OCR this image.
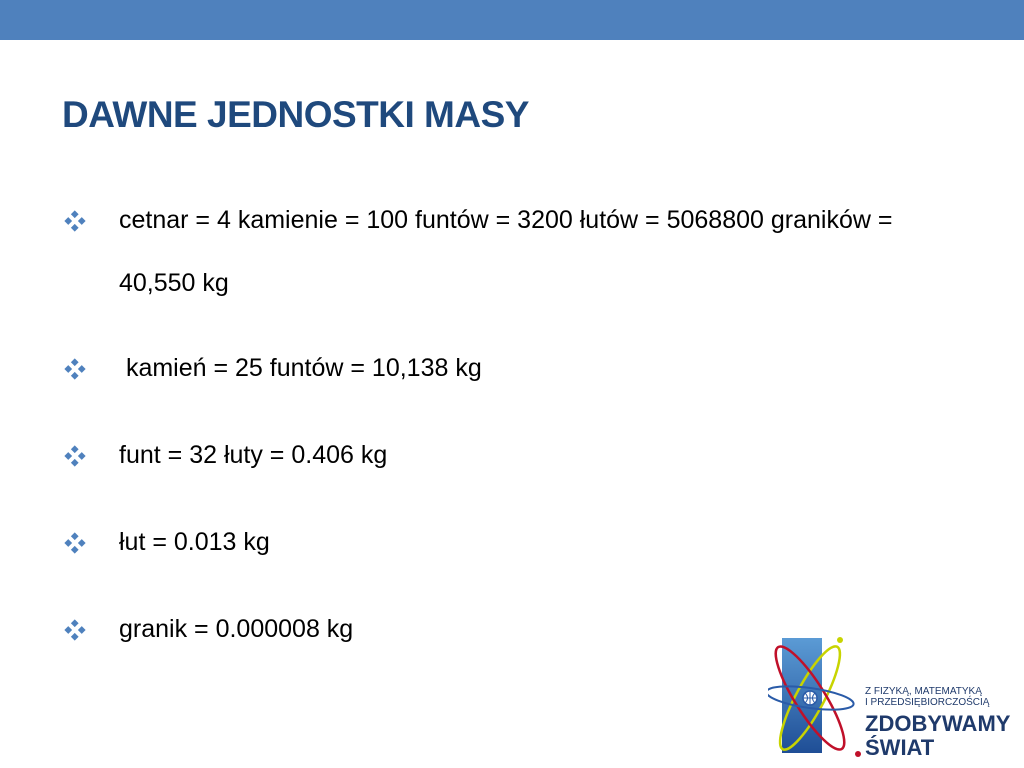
DAWNE JEDNOSTKI MASY
cetnar = 4 kamienie = 100 funtów = 3200 łutów = 5068800 graników = 40,550 kg
kamień = 25 funtów = 10,138 kg
funt = 32 łuty = 0.406 kg
łut = 0.013 kg
granik = 0.000008 kg
Z FIZYKĄ, MATEMATYKĄ
I PRZEDSIĘBIORCZOŚCIĄ
ZDOBYWAMY
ŚWIAT
